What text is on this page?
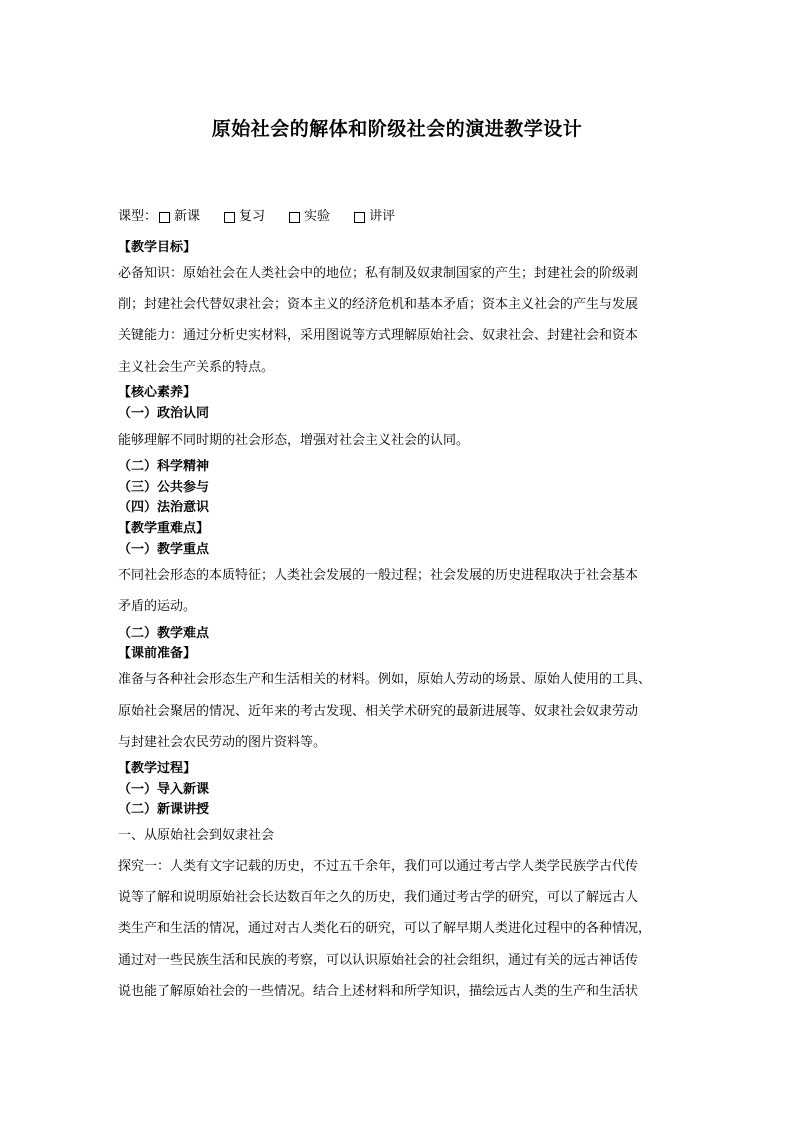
原始社会的解体和阶级社会的演进教学设计
课型： 新课	复习	实验	讲评
【教学目标】
必备知识：原始社会在人类社会中的地位；私有制及奴隶制国家的产生；封建社会的阶级剥
削；封建社会代替奴隶社会；资本主义的经济危机和基本矛盾；资本主义社会的产生与发展
关键能力：通过分析史实材料，采用图说等方式理解原始社会、奴隶社会、封建社会和资本
主义社会生产关系的特点。
【核心素养】
（一）政治认同
能够理解不同时期的社会形态，增强对社会主义社会的认同。
（二）科学精神
（三）公共参与
（四）法治意识
【教学重难点】
（一）教学重点
不同社会形态的本质特征；人类社会发展的一般过程；社会发展的历史进程取决于社会基本
矛盾的运动。
（二）教学难点
【课前准备】
准备与各种社会形态生产和生活相关的材料。例如，原始人劳动的场景、原始人使用的工具、
原始社会聚居的情况、近年来的考古发现、相关学术研究的最新进展等、奴隶社会奴隶劳动
与封建社会农民劳动的图片资料等。
【教学过程】
（一）导入新课
（二）新课讲授
一、从原始社会到奴隶社会
探究一：人类有文字记载的历史，不过五千余年，我们可以通过考古学人类学民族学古代传
说等了解和说明原始社会长达数百年之久的历史，我们通过考古学的研究，可以了解远古人
类生产和生活的情况，通过对古人类化石的研究，可以了解早期人类进化过程中的各种情况，
通过对一些民族生活和民族的考察，可以认识原始社会的社会组织，通过有关的远古神话传
说也能了解原始社会的一些情况。结合上述材料和所学知识，描绘远古人类的生产和生活状
